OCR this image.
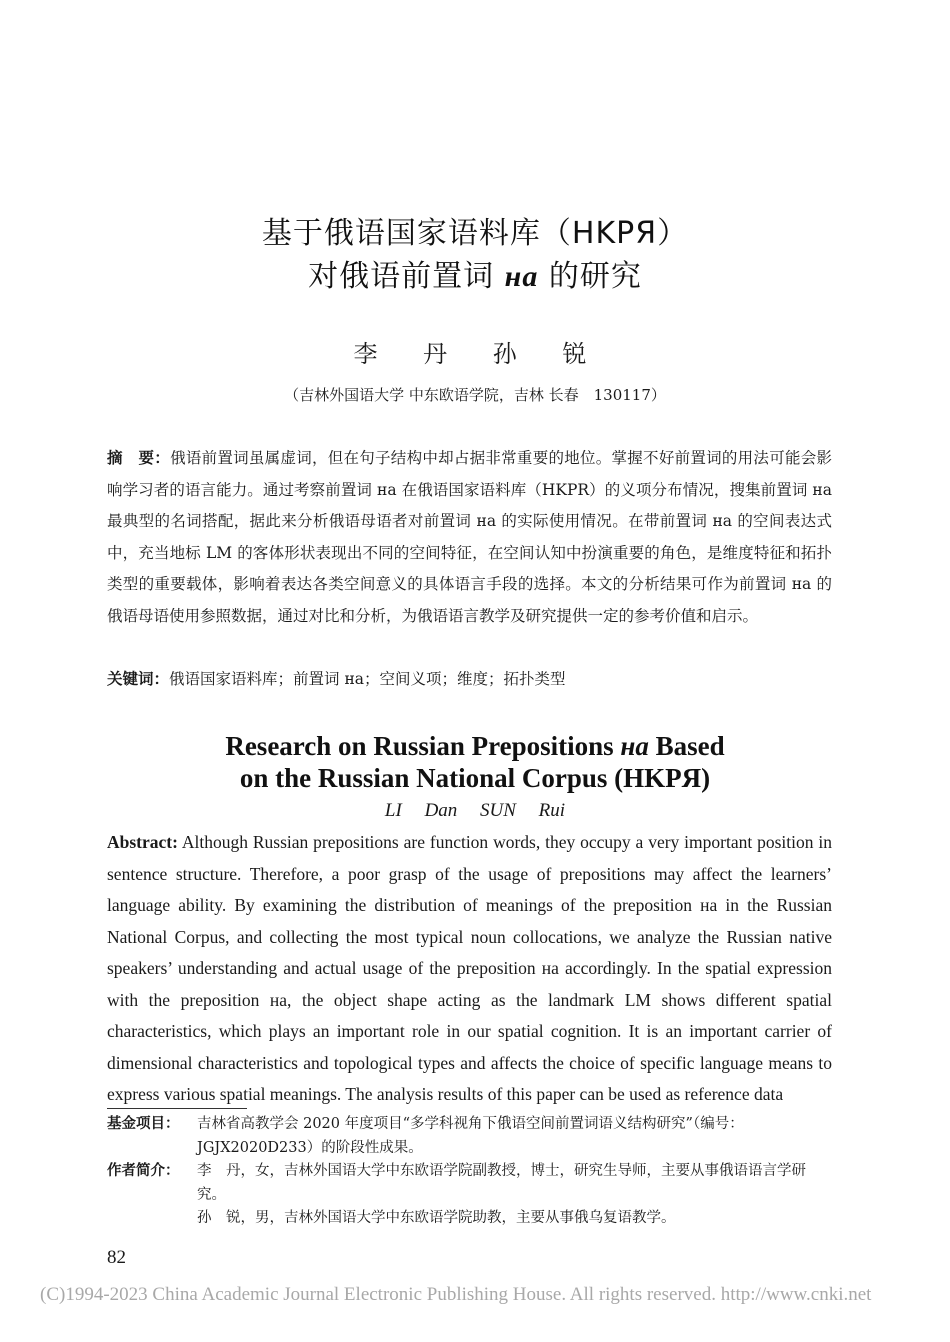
基于俄语国家语料库（HKPЯ）
对俄语前置词 на 的研究
李 丹 孙 锐
（吉林外国语大学 中东欧语学院，吉林 长春　130117）
摘　要：俄语前置词虽属虚词，但在句子结构中却占据非常重要的地位。掌握不好前置词的用法可能会影响学习者的语言能力。通过考察前置词 на 在俄语国家语料库（HKPR）的义项分布情况，搜集前置词 на 最典型的名词搭配，据此来分析俄语母语者对前置词 на 的实际使用情况。在带前置词 на 的空间表达式中，充当地标 LM 的客体形状表现出不同的空间特征，在空间认知中扮演重要的角色，是维度特征和拓扑类型的重要载体，影响着表达各类空间意义的具体语言手段的选择。本文的分析结果可作为前置词 на 的俄语母语使用参照数据，通过对比和分析，为俄语语言教学及研究提供一定的参考价值和启示。
关键词：俄语国家语料库；前置词 на；空间义项；维度；拓扑类型
Research on Russian Prepositions на Based
on the Russian National Corpus (HKPЯ)
LI Dan SUN Rui
Abstract: Although Russian prepositions are function words, they occupy a very important position in sentence structure. Therefore, a poor grasp of the usage of prepositions may affect the learners’ language ability. By examining the distribution of meanings of the preposition на in the Russian National Corpus, and collecting the most typical noun collocations, we analyze the Russian native speakers’ understanding and actual usage of the preposition на accordingly. In the spatial expression with the preposition на, the object shape acting as the landmark LM shows different spatial characteristics, which plays an important role in our spatial cognition. It is an important carrier of dimensional characteristics and topological types and affects the choice of specific language means to express various spatial meanings. The analysis results of this paper can be used as reference data
基金项目：	吉林省高教学会 2020 年度项目“多学科视角下俄语空间前置词语义结构研究”（编号：JGJX2020D233）的阶段性成果。
作者简介：	李　丹，女，吉林外国语大学中东欧语学院副教授，博士，研究生导师，主要从事俄语语言学研究。
孙　锐，男，吉林外国语大学中东欧语学院助教，主要从事俄乌复语教学。
82
(C)1994-2023 China Academic Journal Electronic Publishing House. All rights reserved. http://www.cnki.net
